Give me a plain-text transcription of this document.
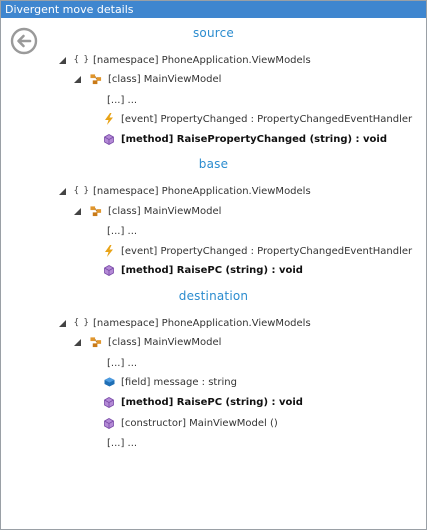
Divergent move details
source
{ } [namespace] PhoneApplication.ViewModels
[class] MainViewModel
[...] ...
[event] PropertyChanged : PropertyChangedEventHandler
[method] RaisePropertyChanged (string) : void
base
{ } [namespace] PhoneApplication.ViewModels
[class] MainViewModel
[...] ...
[event] PropertyChanged : PropertyChangedEventHandler
[method] RaisePC (string) : void
destination
{ } [namespace] PhoneApplication.ViewModels
[class] MainViewModel
[...] ...
[field] message : string
[method] RaisePC (string) : void
[constructor] MainViewModel ()
[...] ...
